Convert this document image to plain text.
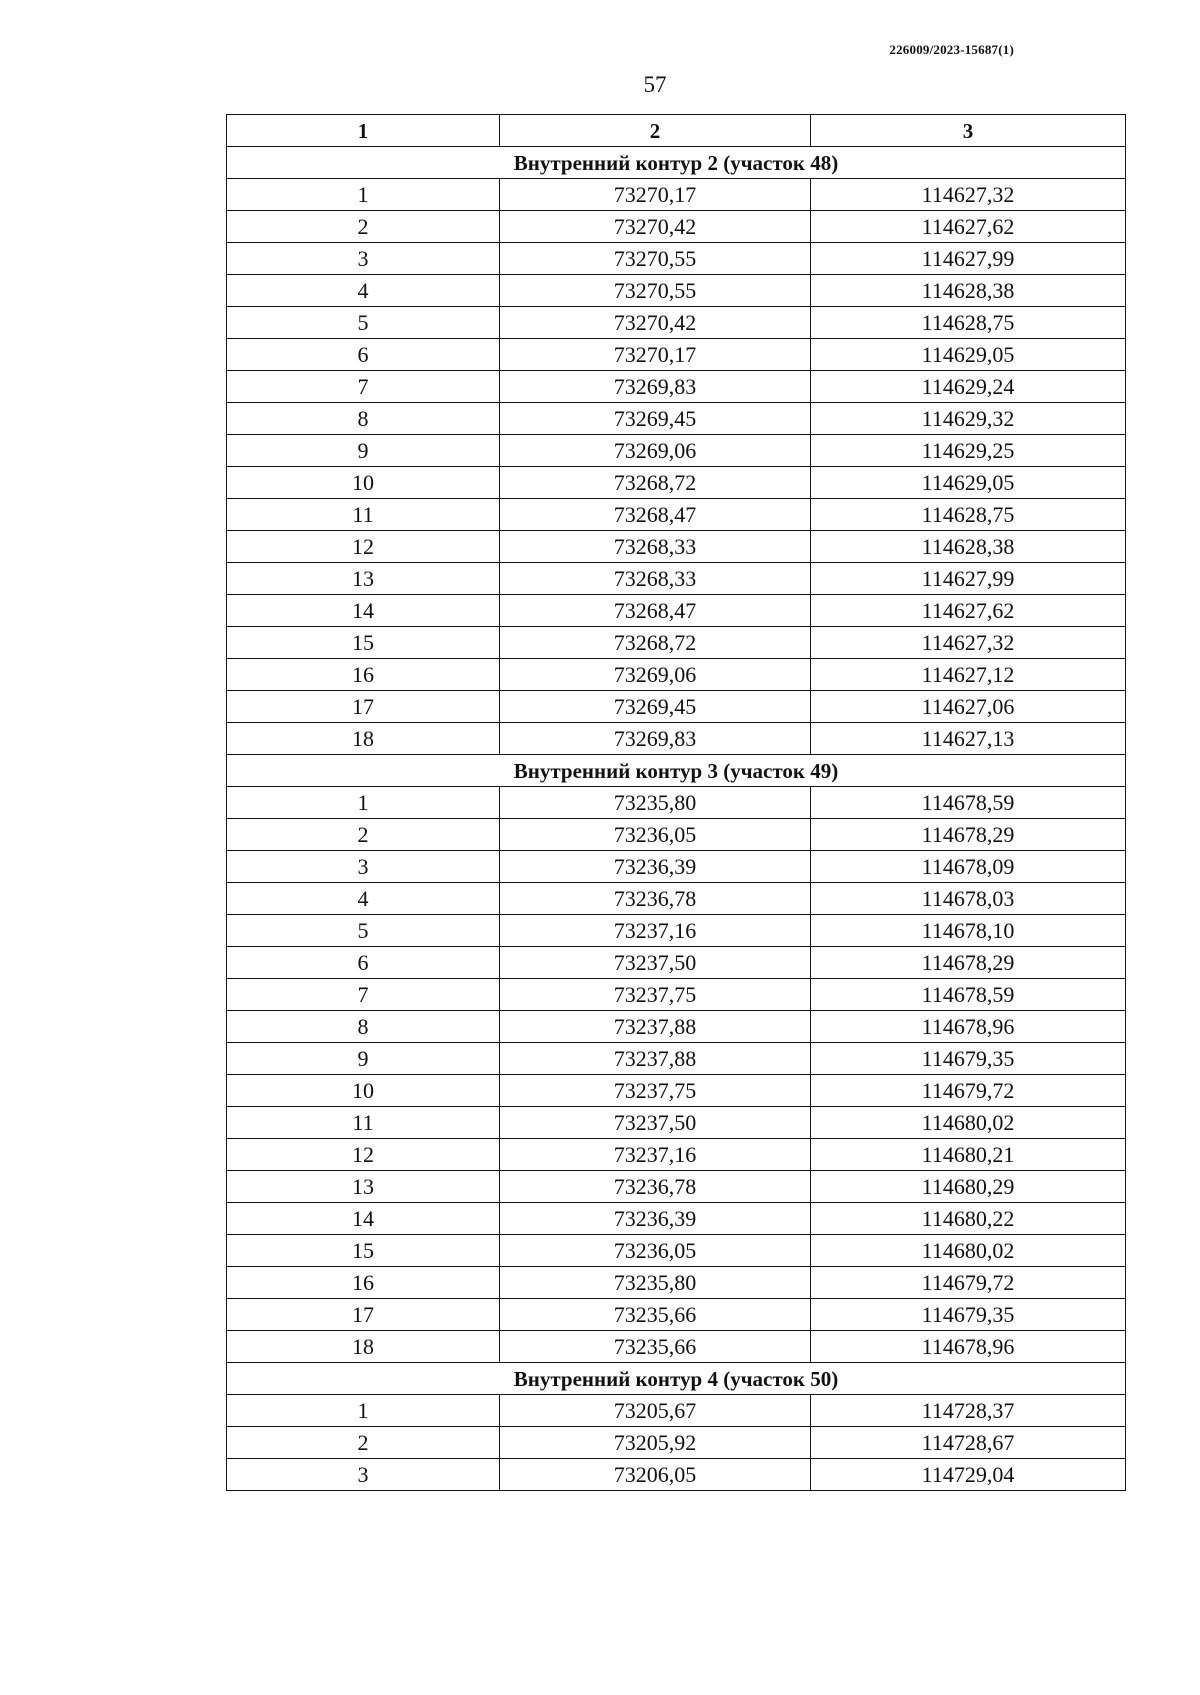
226009/2023-15687(1)
57
1	2	3
Внутренний контур 2 (участок 48)		
1	73270,17	114627,32
2	73270,42	114627,62
3	73270,55	114627,99
4	73270,55	114628,38
5	73270,42	114628,75
6	73270,17	114629,05
7	73269,83	114629,24
8	73269,45	114629,32
9	73269,06	114629,25
10	73268,72	114629,05
11	73268,47	114628,75
12	73268,33	114628,38
13	73268,33	114627,99
14	73268,47	114627,62
15	73268,72	114627,32
16	73269,06	114627,12
17	73269,45	114627,06
18	73269,83	114627,13
Внутренний контур 3 (участок 49)		
1	73235,80	114678,59
2	73236,05	114678,29
3	73236,39	114678,09
4	73236,78	114678,03
5	73237,16	114678,10
6	73237,50	114678,29
7	73237,75	114678,59
8	73237,88	114678,96
9	73237,88	114679,35
10	73237,75	114679,72
11	73237,50	114680,02
12	73237,16	114680,21
13	73236,78	114680,29
14	73236,39	114680,22
15	73236,05	114680,02
16	73235,80	114679,72
17	73235,66	114679,35
18	73235,66	114678,96
Внутренний контур 4 (участок 50)		
1	73205,67	114728,37
2	73205,92	114728,67
3	73206,05	114729,04
